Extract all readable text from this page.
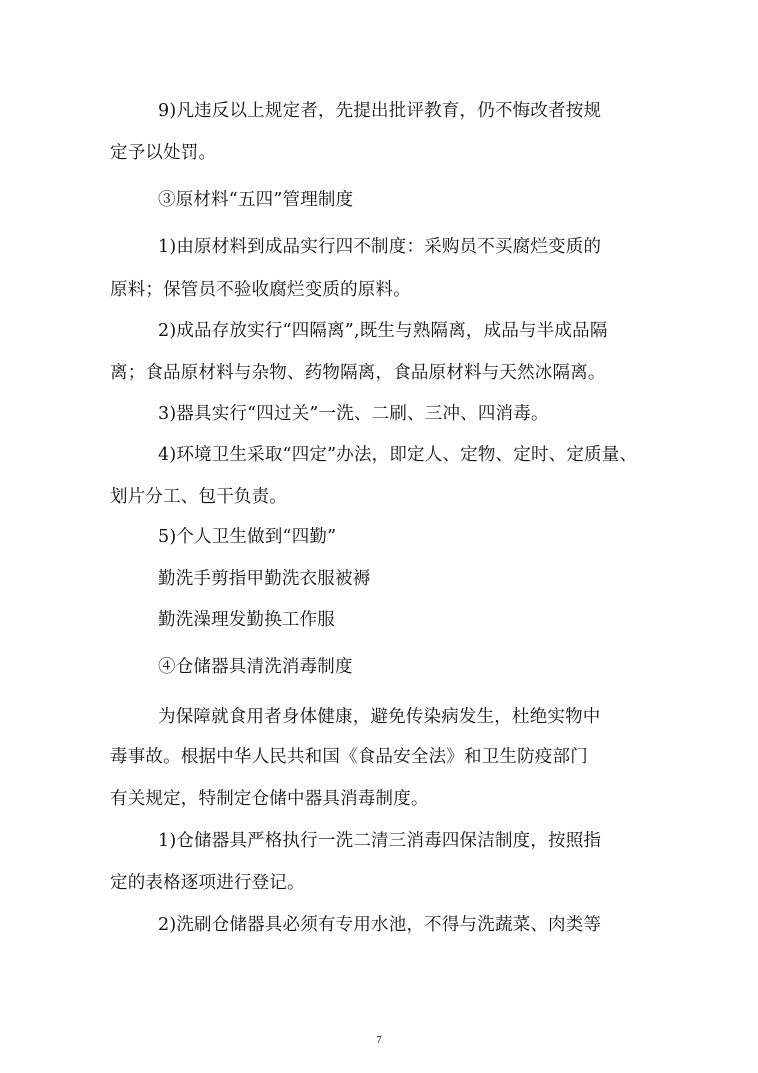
9)凡违反以上规定者，先提出批评教育，仍不悔改者按规
定予以处罚。
③原材料“五四”管理制度
1)由原材料到成品实行四不制度：采购员不买腐烂变质的
原料；保管员不验收腐烂变质的原料。
2)成品存放实行“四隔离”,既生与熟隔离，成品与半成品隔
离；食品原材料与杂物、药物隔离，食品原材料与天然冰隔离。
3)器具实行“四过关”一洗、二刷、三冲、四消毒。
4)环境卫生采取“四定”办法，即定人、定物、定时、定质量、
划片分工、包干负责。
5)个人卫生做到“四勤”
勤洗手剪指甲勤洗衣服被褥
勤洗澡理发勤换工作服
④仓储器具清洗消毒制度
为保障就食用者身体健康，避免传染病发生，杜绝实物中
毒事故。根据中华人民共和国《食品安全法》和卫生防疫部门
有关规定，特制定仓储中器具消毒制度。
1)仓储器具严格执行一洗二清三消毒四保洁制度，按照指
定的表格逐项进行登记。
2)洗刷仓储器具必须有专用水池，不得与洗蔬菜、肉类等
7
